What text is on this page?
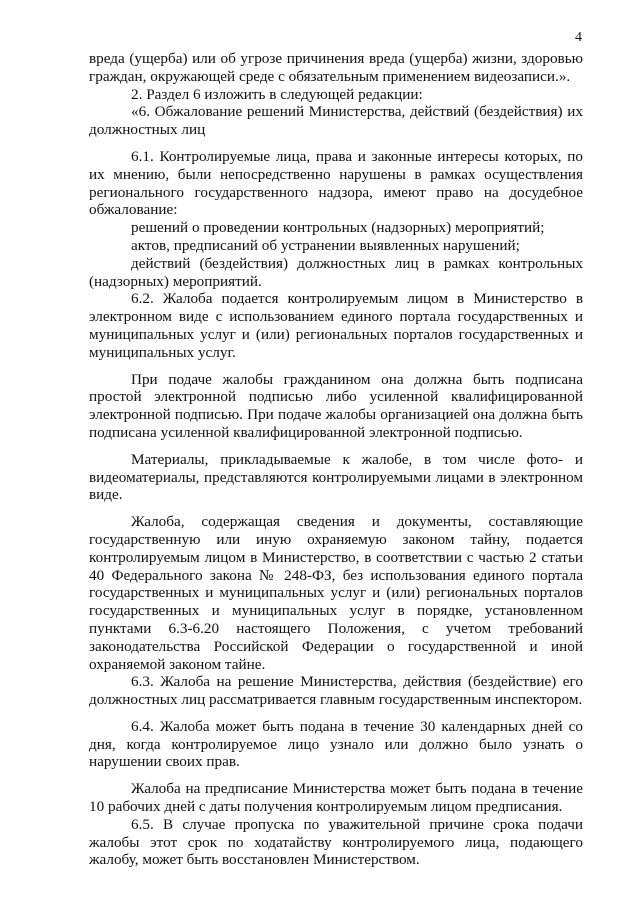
4

вреда (ущерба) или об угрозе причинения вреда (ущерба) жизни, здоровью граждан, окружающей среде с обязательным применением видеозаписи.».

2. Раздел 6 изложить в следующей редакции:

«6. Обжалование решений Министерства, действий (бездействия) их должностных лиц

6.1. Контролируемые лица, права и законные интересы которых, по их мнению, были непосредственно нарушены в рамках осуществления регионального государственного надзора, имеют право на досудебное обжалование:

решений о проведении контрольных (надзорных) мероприятий;

актов, предписаний об устранении выявленных нарушений;

действий (бездействия) должностных лиц в рамках контрольных (надзорных) мероприятий.

6.2. Жалоба подается контролируемым лицом в Министерство в электронном виде с использованием единого портала государственных и муниципальных услуг и (или) региональных порталов государственных и муниципальных услуг.

При подаче жалобы гражданином она должна быть подписана простой электронной подписью либо усиленной квалифицированной электронной подписью. При подаче жалобы организацией она должна быть подписана усиленной квалифицированной электронной подписью.

Материалы, прикладываемые к жалобе, в том числе фото- и видеоматериалы, представляются контролируемыми лицами в электронном виде.

Жалоба, содержащая сведения и документы, составляющие государственную или иную охраняемую законом тайну, подается контролируемым лицом в Министерство, в соответствии с частью 2 статьи 40 Федерального закона № 248-ФЗ, без использования единого портала государственных и муниципальных услуг и (или) региональных порталов государственных и муниципальных услуг в порядке, установленном пунктами 6.3-6.20 настоящего Положения, с учетом требований законодательства Российской Федерации о государственной и иной охраняемой законом тайне.

6.3. Жалоба на решение Министерства, действия (бездействие) его должностных лиц рассматривается главным государственным инспектором.

6.4. Жалоба может быть подана в течение 30 календарных дней со дня, когда контролируемое лицо узнало или должно было узнать о нарушении своих прав.

Жалоба на предписание Министерства может быть подана в течение 10 рабочих дней с даты получения контролируемым лицом предписания.

6.5. В случае пропуска по уважительной причине срока подачи жалобы этот срок по ходатайству контролируемого лица, подающего жалобу, может быть восстановлен Министерством.
